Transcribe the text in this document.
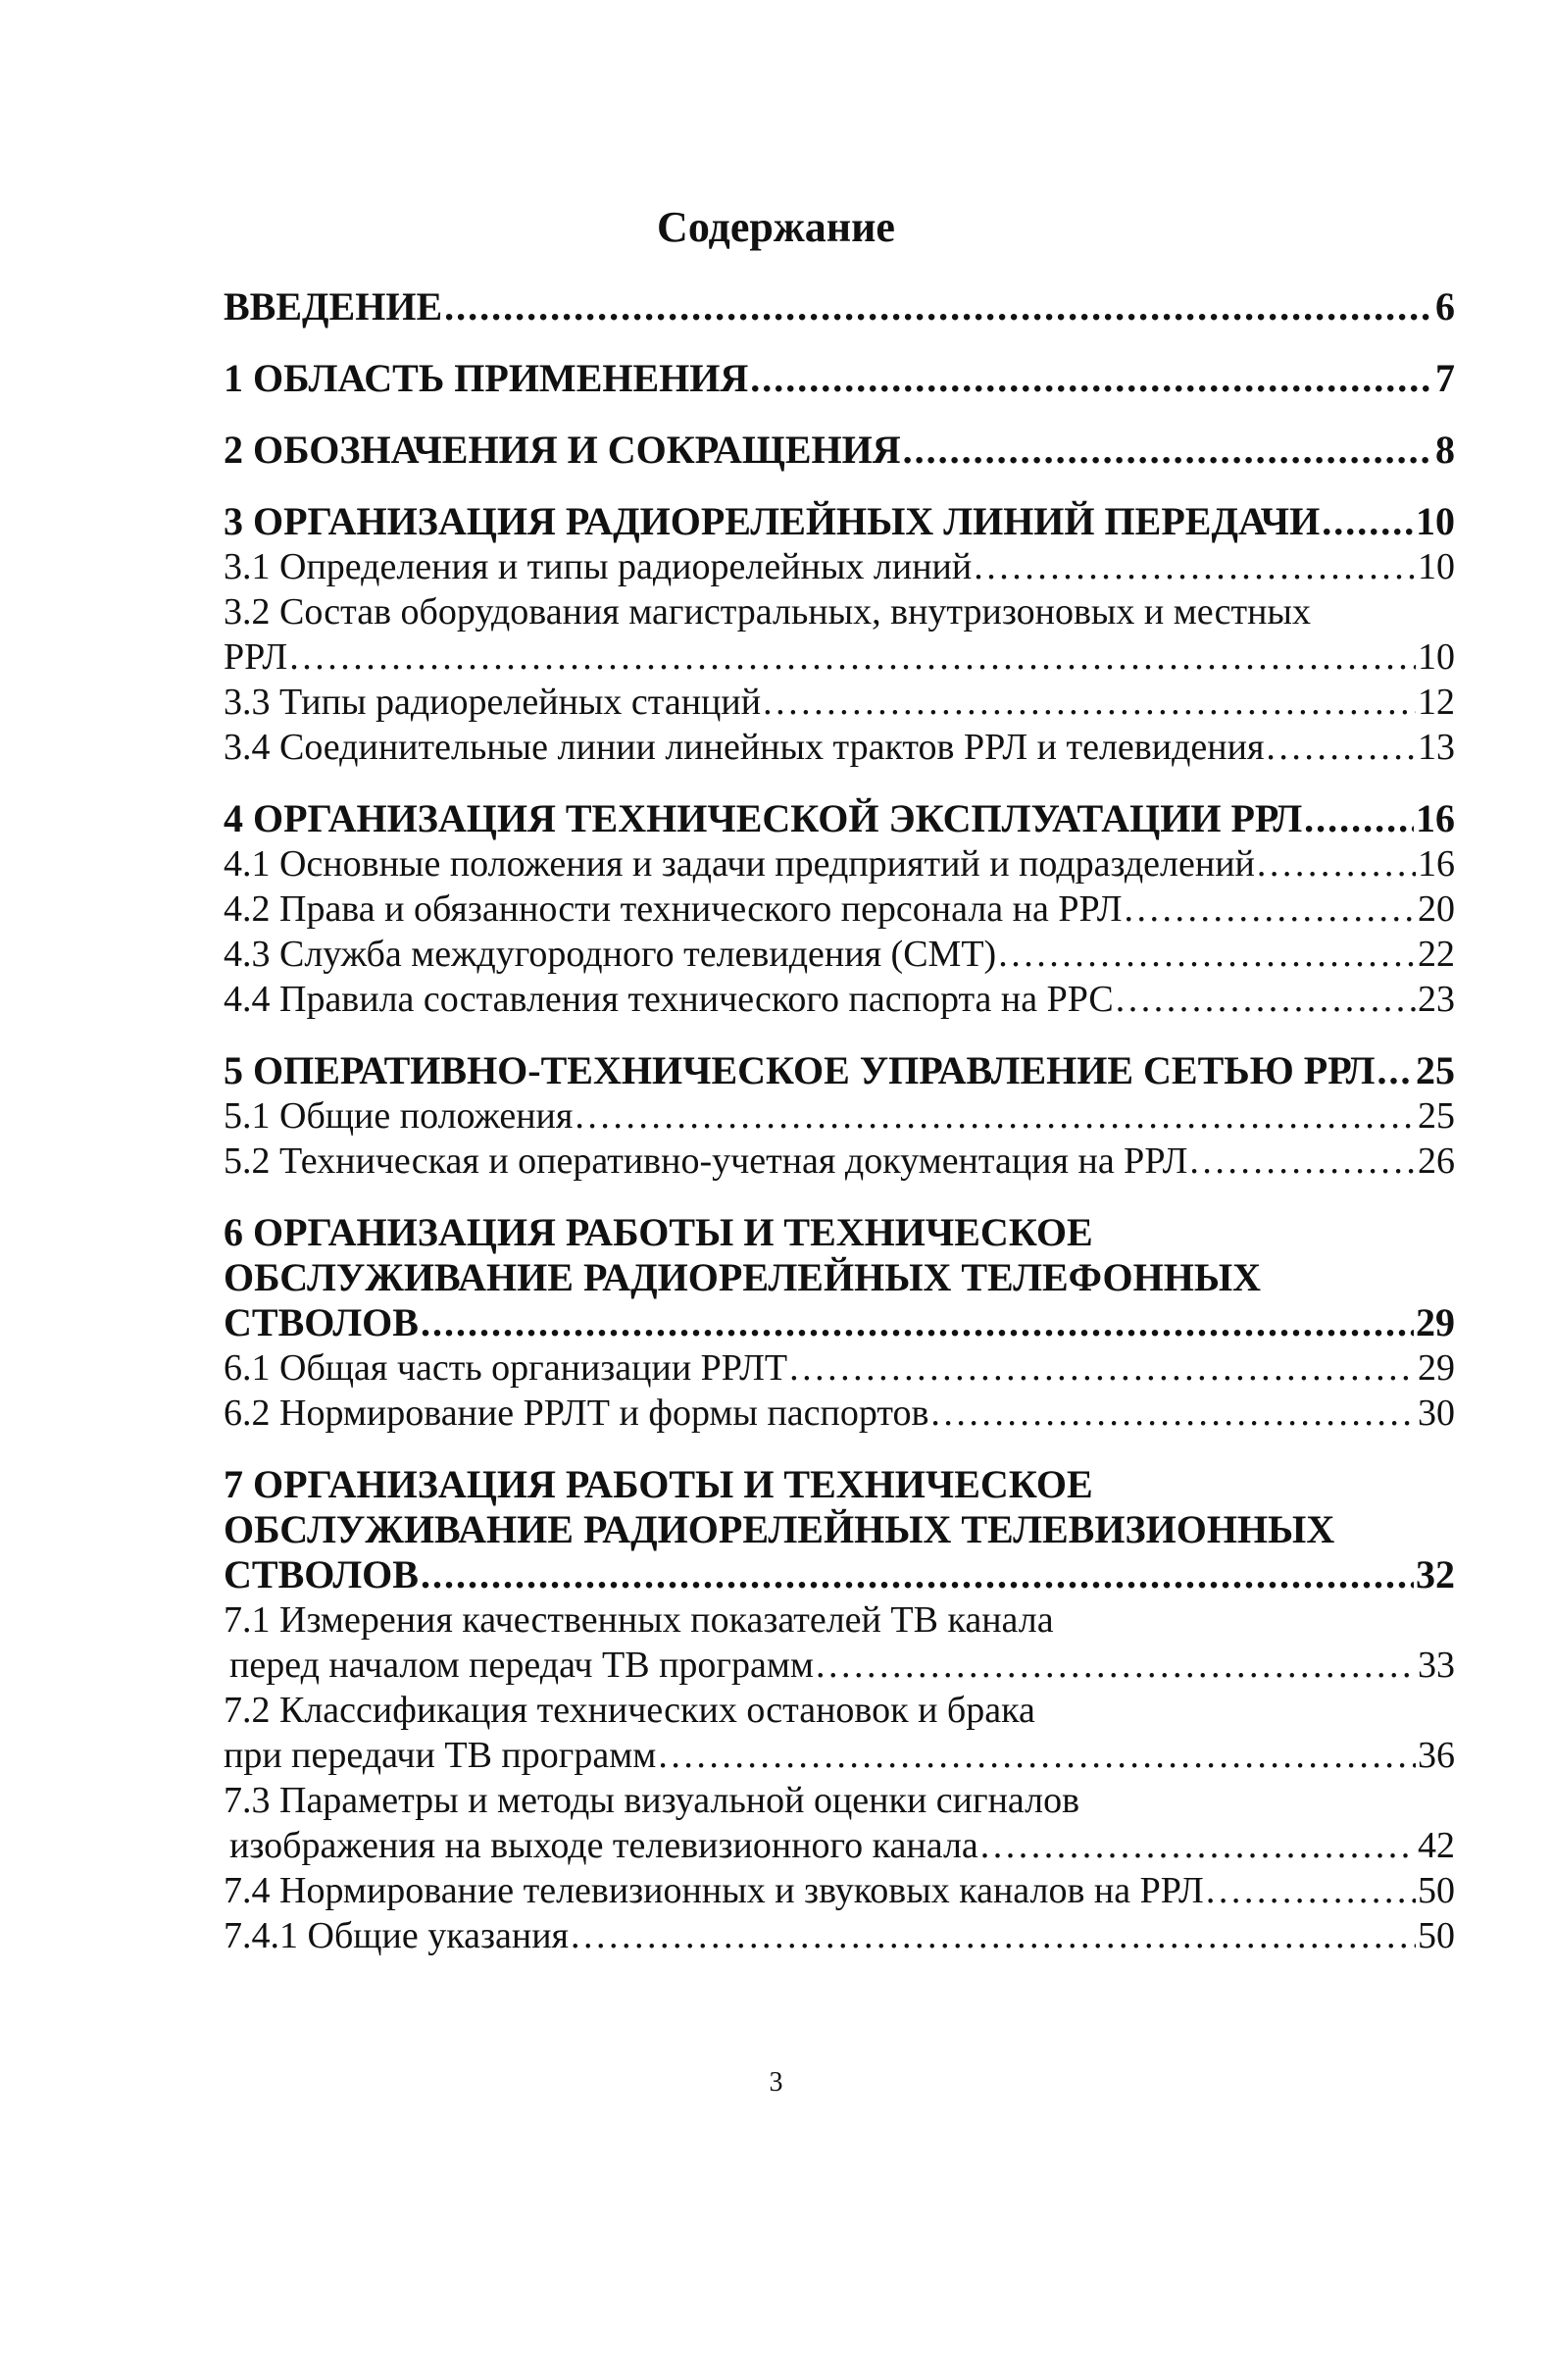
Содержание
ВВЕДЕНИЕ . . .	6
1 ОБЛАСТЬ ПРИМЕНЕНИЯ . . .	7
2 ОБОЗНАЧЕНИЯ И СОКРАЩЕНИЯ . . .	8
3 ОРГАНИЗАЦИЯ РАДИОРЕЛЕЙНЫХ ЛИНИЙ ПЕРЕДАЧИ . . . 10
3.1 Определения и типы радиорелейных линий . . .	10
3.2 Состав оборудования магистральных, внутризоновых и местных
РРЛ . . .	10
3.3 Типы радиорелейных станций . . .	12
3.4 Соединительные линии линейных трактов РРЛ и телевидения . . .	13
4 ОРГАНИЗАЦИЯ ТЕХНИЧЕСКОЙ ЭКСПЛУАТАЦИИ РРЛ . . .	16
4.1 Основные положения и задачи предприятий и подразделений . . .	16
4.2 Права и обязанности технического персонала на РРЛ . . .	20
4.3 Служба междугородного телевидения (СМТ) . . .	22
4.4 Правила составления технического паспорта на РРС . . .	23
5 ОПЕРАТИВНО-ТЕХНИЧЕСКОЕ УПРАВЛЕНИЕ СЕТЬЮ РРЛ . . . 25
5.1 Общие положения . . .	25
5.2 Техническая и оперативно-учетная документация на РРЛ . . .	26
6 ОРГАНИЗАЦИЯ РАБОТЫ И ТЕХНИЧЕСКОЕ
ОБСЛУЖИВАНИЕ РАДИОРЕЛЕЙНЫХ ТЕЛЕФОННЫХ
СТВОЛОВ . . .	29
6.1 Общая часть организации РРЛТ . . .	29
6.2 Нормирование РРЛТ и формы паспортов . . .	30
7 ОРГАНИЗАЦИЯ РАБОТЫ И ТЕХНИЧЕСКОЕ
ОБСЛУЖИВАНИЕ РАДИОРЕЛЕЙНЫХ ТЕЛЕВИЗИОННЫХ
СТВОЛОВ . . .	32
7.1 Измерения качественных показателей ТВ канала
перед началом передач ТВ программ . . .	33
7.2 Классификация технических остановок и брака
при передачи ТВ программ . . .	36
7.3 Параметры и методы визуальной оценки сигналов
изображения на выходе телевизионного канала . . .	42
7.4 Нормирование телевизионных и звуковых каналов на РРЛ . . .	50
7.4.1 Общие указания . . .	50
3
